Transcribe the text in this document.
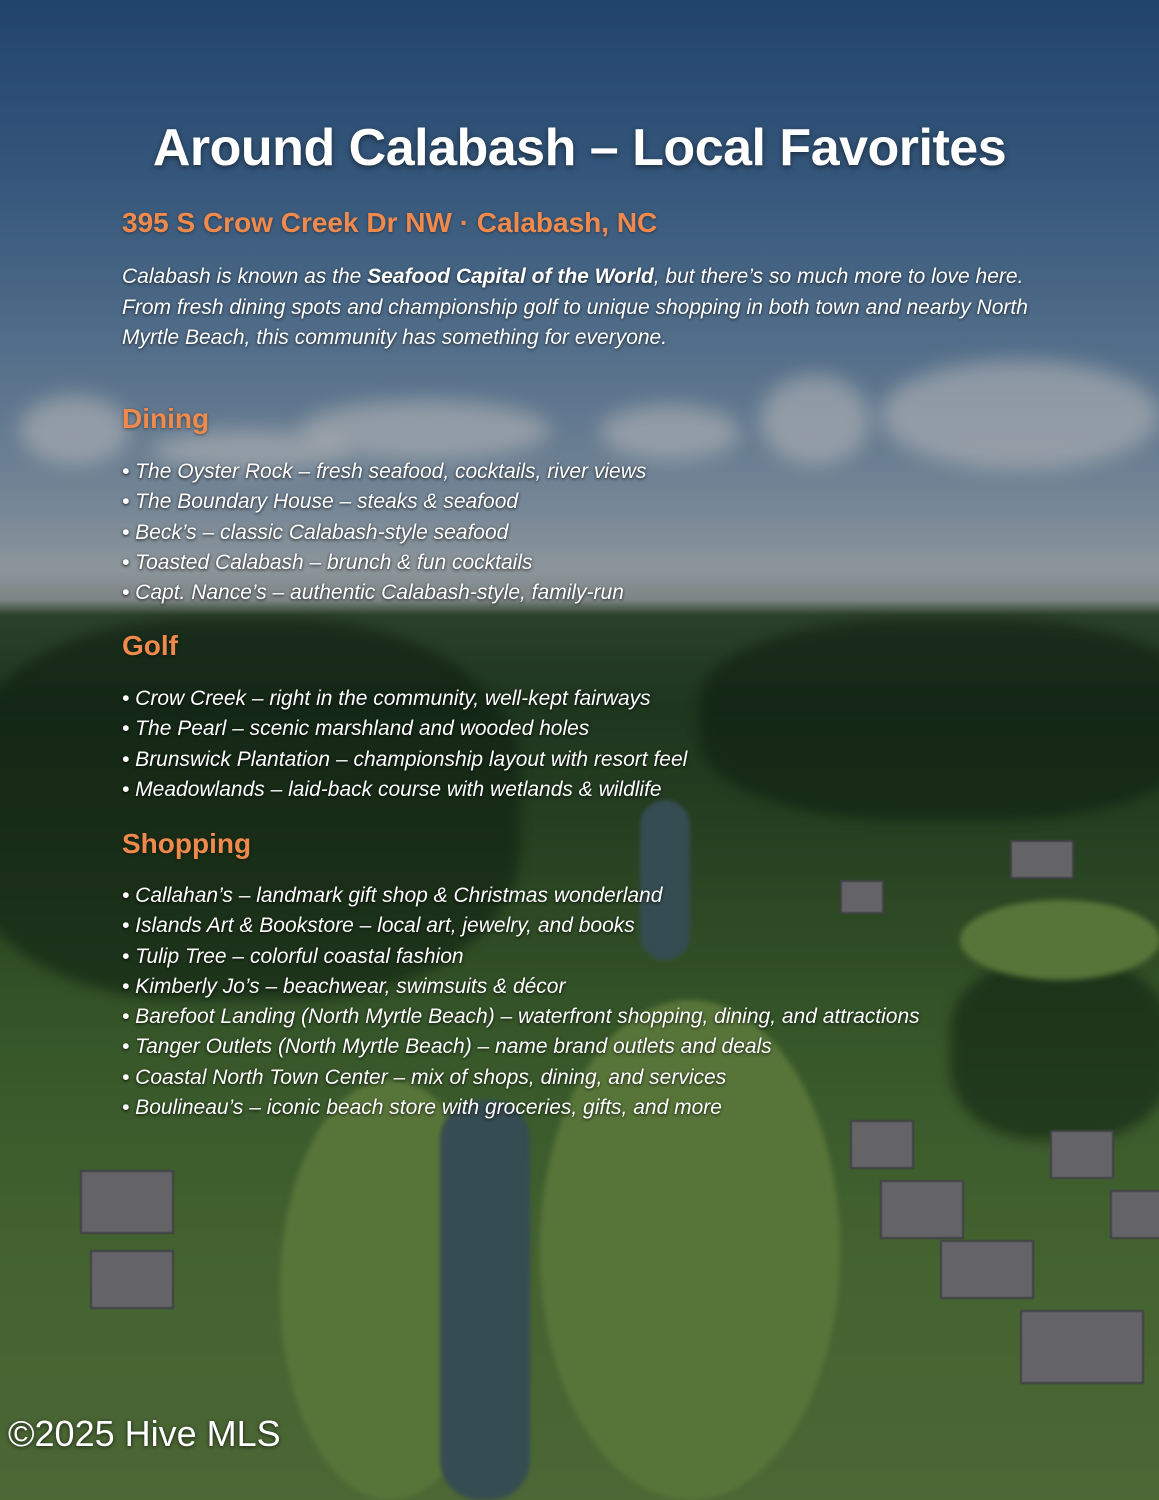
Around Calabash – Local Favorites
395 S Crow Creek Dr NW · Calabash, NC
Calabash is known as the Seafood Capital of the World, but there’s so much more to love here. From fresh dining spots and championship golf to unique shopping in both town and nearby North Myrtle Beach, this community has something for everyone.
Dining
• The Oyster Rock – fresh seafood, cocktails, river views
• The Boundary House – steaks & seafood
• Beck’s – classic Calabash-style seafood
• Toasted Calabash – brunch & fun cocktails
• Capt. Nance’s – authentic Calabash-style, family-run
Golf
• Crow Creek – right in the community, well-kept fairways
• The Pearl – scenic marshland and wooded holes
• Brunswick Plantation – championship layout with resort feel
• Meadowlands – laid-back course with wetlands & wildlife
Shopping
• Callahan’s – landmark gift shop & Christmas wonderland
• Islands Art & Bookstore – local art, jewelry, and books
• Tulip Tree – colorful coastal fashion
• Kimberly Jo’s – beachwear, swimsuits & décor
• Barefoot Landing (North Myrtle Beach) – waterfront shopping, dining, and attractions
• Tanger Outlets (North Myrtle Beach) – name brand outlets and deals
• Coastal North Town Center – mix of shops, dining, and services
• Boulineau’s – iconic beach store with groceries, gifts, and more
©2025 Hive MLS
